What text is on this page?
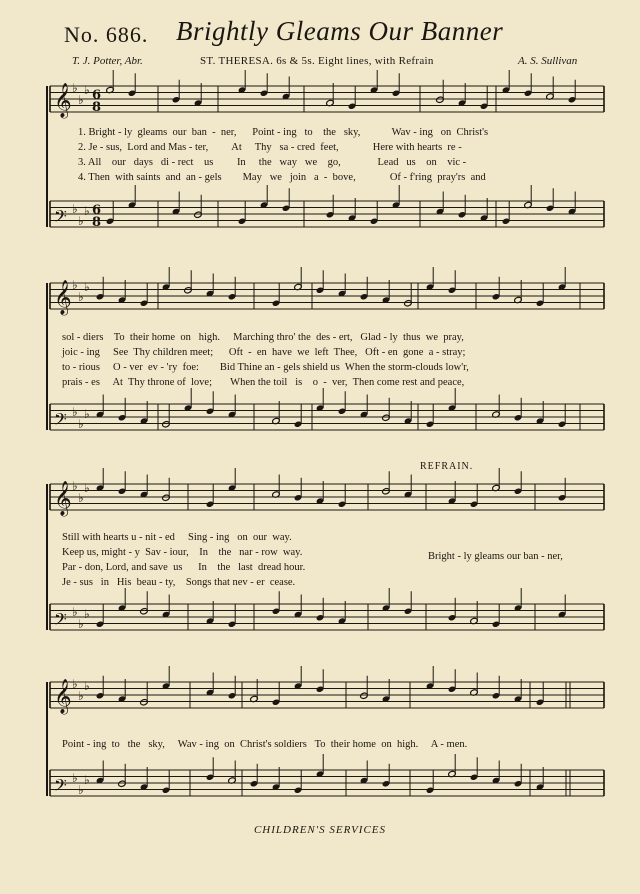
No. 686. Brightly Gleams Our Banner
T. J. Potter, Abr.	ST. THERESA. 6s & 5s. Eight lines, with Refrain	A. S. Sullivan
𝄞 ♭
♭
♭ 6
8
𝄢 ♭
♭
♭ 6
8
𝄞 ♭
♭
♭
𝄢 ♭
♭
♭
𝄞 ♭
♭
♭
𝄢 ♭
♭
♭
𝄞 ♭
♭
♭
𝄢 ♭
♭
♭
1. Bright - ly  gleams  our  ban  -  ner,      Point - ing   to    the   sky,            Wav - ing   on  Christ's
2. Je - sus,  Lord and Mas - ter,         At     Thy   sa - cred  feet,             Here with hearts  re -
3. All    our   days   di - rect    us         In     the   way   we    go,              Lead   us    on    vic -
4. Then  with saints  and  an - gels        May   we   join   a  -  bove,             Of - f'ring  pray'rs  and
sol - diers    To  their home  on   high.     Marching thro' the  des - ert,   Glad - ly  thus  we  pray,
joic - ing     See  Thy children meet;      Oft  -  en  have  we  left  Thee,   Oft - en  gone  a - stray;
to - rious     O - ver  ev - 'ry  foe:        Bid Thine an - gels shield us  When the storm-clouds low'r,
prais - es     At  Thy throne of  love;       When the toil   is    o  -  ver,  Then come rest and peace,
REFRAIN.
Still with hearts u - nit - ed     Sing - ing   on  our  way.
Keep us, might - y  Sav - iour,    In    the   nar - row  way.
Par - don, Lord, and save  us      In    the   last  dread hour.
Je - sus   in   His  beau - ty,    Songs that nev - er  cease.
Bright - ly gleams our ban - ner,
Point - ing  to   the   sky,     Wav - ing  on  Christ's soldiers   To  their home  on  high.     A - men.
CHILDREN'S SERVICES
